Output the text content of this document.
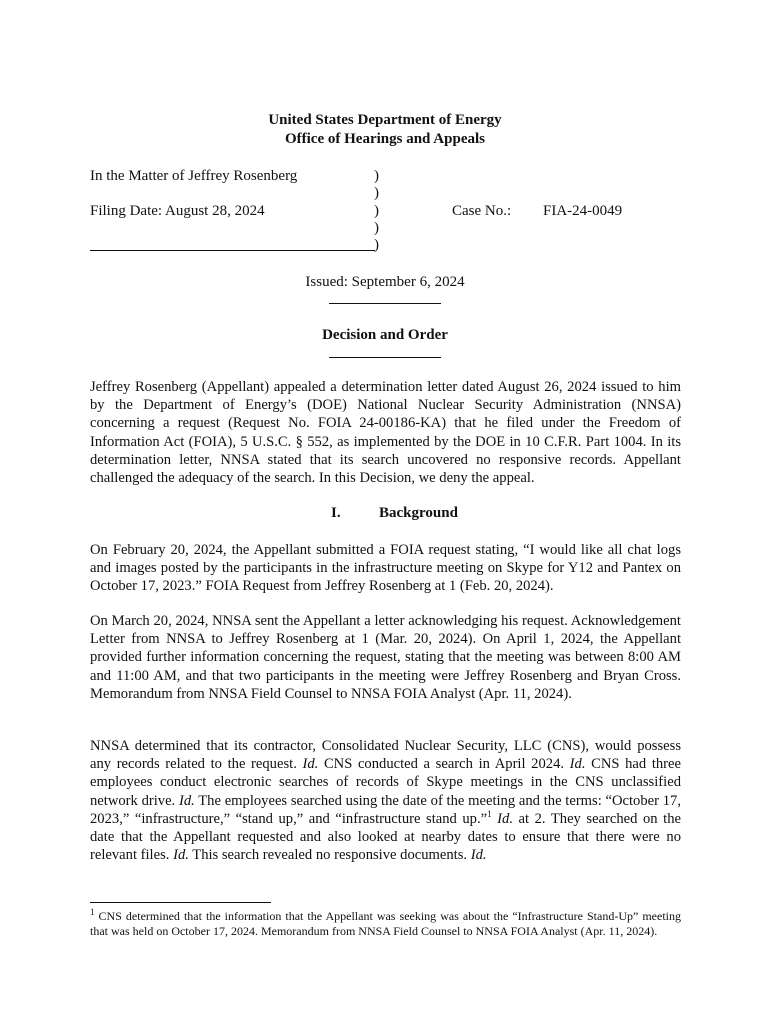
United States Department of Energy
Office of Hearings and Appeals
In the Matter of Jeffrey Rosenberg
Filing Date: August 28, 2024
)
)
)
)
)
Case No.: FIA-24-0049
Issued: September 6, 2024
Decision and Order
Jeffrey Rosenberg (Appellant) appealed a determination letter dated August 26, 2024 issued to him by the Department of Energy’s (DOE) National Nuclear Security Administration (NNSA) concerning a request (Request No. FOIA 24-00186-KA) that he filed under the Freedom of Information Act (FOIA), 5 U.S.C. § 552, as implemented by the DOE in 10 C.F.R. Part 1004. In its determination letter, NNSA stated that its search uncovered no responsive records. Appellant challenged the adequacy of the search. In this Decision, we deny the appeal.
I.	Background
On February 20, 2024, the Appellant submitted a FOIA request stating, “I would like all chat logs and images posted by the participants in the infrastructure meeting on Skype for Y12 and Pantex on October 17, 2023.” FOIA Request from Jeffrey Rosenberg at 1 (Feb. 20, 2024).
On March 20, 2024, NNSA sent the Appellant a letter acknowledging his request. Acknowledgement Letter from NNSA to Jeffrey Rosenberg at 1 (Mar. 20, 2024). On April 1, 2024, the Appellant provided further information concerning the request, stating that the meeting was between 8:00 AM and 11:00 AM, and that two participants in the meeting were Jeffrey Rosenberg and Bryan Cross. Memorandum from NNSA Field Counsel to NNSA FOIA Analyst (Apr. 11, 2024).
NNSA determined that its contractor, Consolidated Nuclear Security, LLC (CNS), would possess any records related to the request. Id. CNS conducted a search in April 2024. Id. CNS had three employees conduct electronic searches of records of Skype meetings in the CNS unclassified network drive. Id. The employees searched using the date of the meeting and the terms: “October 17, 2023,” “infrastructure,” “stand up,” and “infrastructure stand up.”$^1$ Id. at 2. They searched on the date that the Appellant requested and also looked at nearby dates to ensure that there were no relevant files. Id. This search revealed no responsive documents. Id.
$^1$ CNS determined that the information that the Appellant was seeking was about the “Infrastructure Stand-Up” meeting that was held on October 17, 2024. Memorandum from NNSA Field Counsel to NNSA FOIA Analyst (Apr. 11, 2024).
